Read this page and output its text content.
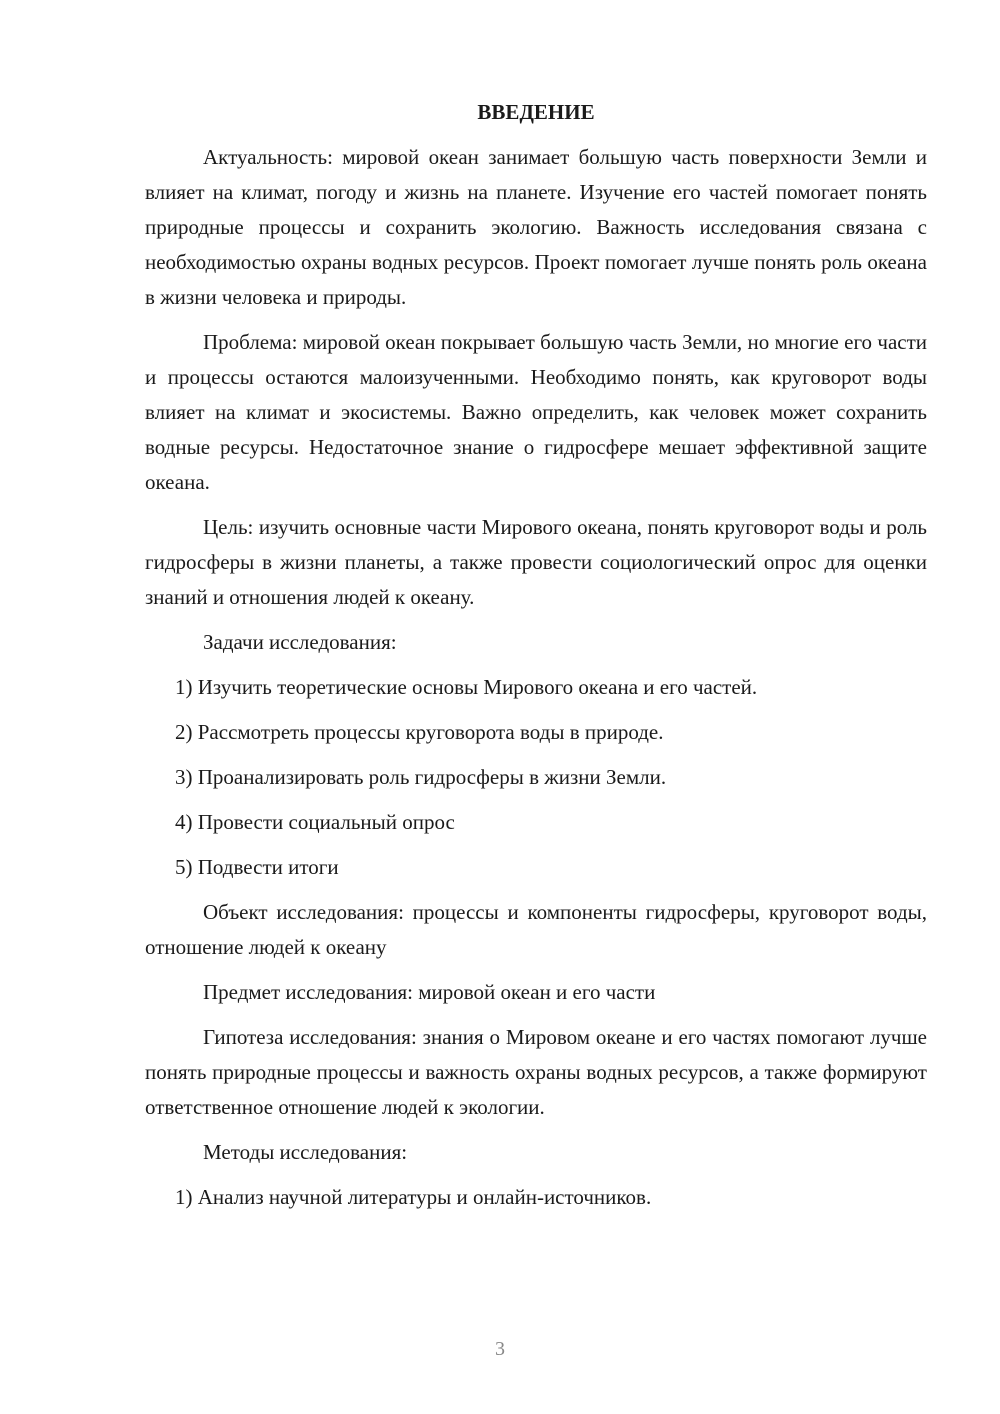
ВВЕДЕНИЕ

Актуальность: мировой океан занимает большую часть поверхности Земли и влияет на климат, погоду и жизнь на планете. Изучение его частей помогает понять природные процессы и сохранить экологию. Важность исследования связана с необходимостью охраны водных ресурсов. Проект помогает лучше понять роль океана в жизни человека и природы.

Проблема: мировой океан покрывает большую часть Земли, но многие его части и процессы остаются малоизученными. Необходимо понять, как круговорот воды влияет на климат и экосистемы. Важно определить, как человек может сохранить водные ресурсы. Недостаточное знание о гидросфере мешает эффективной защите океана.

Цель: изучить основные части Мирового океана, понять круговорот воды и роль гидросферы в жизни планеты, а также провести социологический опрос для оценки знаний и отношения людей к океану.

Задачи исследования:

1) Изучить теоретические основы Мирового океана и его частей.

2) Рассмотреть процессы круговорота воды в природе.

3) Проанализировать роль гидросферы в жизни Земли.

4) Провести социальный опрос

5) Подвести итоги

Объект исследования: процессы и компоненты гидросферы, круговорот воды, отношение людей к океану

Предмет исследования: мировой океан и его части

Гипотеза исследования: знания о Мировом океане и его частях помогают лучше понять природные процессы и важность охраны водных ресурсов, а также формируют ответственное отношение людей к экологии.

Методы исследования:

1) Анализ научной литературы и онлайн-источников.

3
